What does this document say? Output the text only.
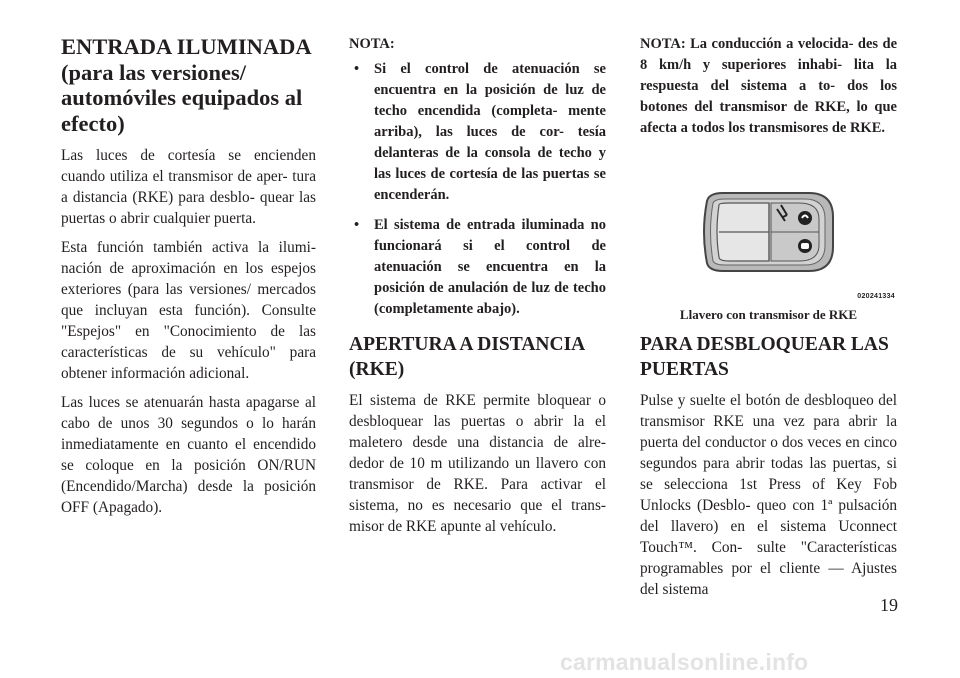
ENTRADA ILUMINADA (para las versiones/ automóviles equipados al efecto)

Las luces de cortesía se encienden cuando utiliza el transmisor de aper- tura a distancia (RKE) para desblo- quear las puertas o abrir cualquier puerta.

Esta función también activa la ilumi- nación de aproximación en los espejos exteriores (para las versiones/ mercados que incluyan esta función). Consulte "Espejos" en "Conocimiento de las características de su vehículo" para obtener información adicional.

Las luces se atenuarán hasta apagarse al cabo de unos 30 segundos o lo harán inmediatamente en cuanto el encendido se coloque en la posición ON/RUN (Encendido/Marcha) desde la posición OFF (Apagado).

NOTA:
• Si el control de atenuación se encuentra en la posición de luz de techo encendida (completa- mente arriba), las luces de cor- tesía delanteras de la consola de techo y las luces de cortesía de las puertas se encenderán.
• El sistema de entrada iluminada no funcionará si el control de atenuación se encuentra en la posición de anulación de luz de techo (completamente abajo).
APERTURA A DISTANCIA (RKE)

El sistema de RKE permite bloquear o desbloquear las puertas o abrir la el maletero desde una distancia de alre- dedor de 10 m utilizando un llavero con transmisor de RKE. Para activar el sistema, no es necesario que el trans- misor de RKE apunte al vehículo.

NOTA: La conducción a velocida- des de 8 km/h y superiores inhabi- lita la respuesta del sistema a to- dos los botones del transmisor de RKE, lo que afecta a todos los transmisores de RKE.

020241334
Llavero con transmisor de RKE
PARA DESBLOQUEAR LAS PUERTAS

Pulse y suelte el botón de desbloqueo del transmisor RKE una vez para abrir la puerta del conductor o dos veces en cinco segundos para abrir todas las puertas, si se selecciona 1st Press of Key Fob Unlocks (Desblo- queo con 1ª pulsación del llavero) en el sistema Uconnect Touch™. Con- sulte "Características programables por el cliente — Ajustes del sistema

19
carmanualsonline.info
